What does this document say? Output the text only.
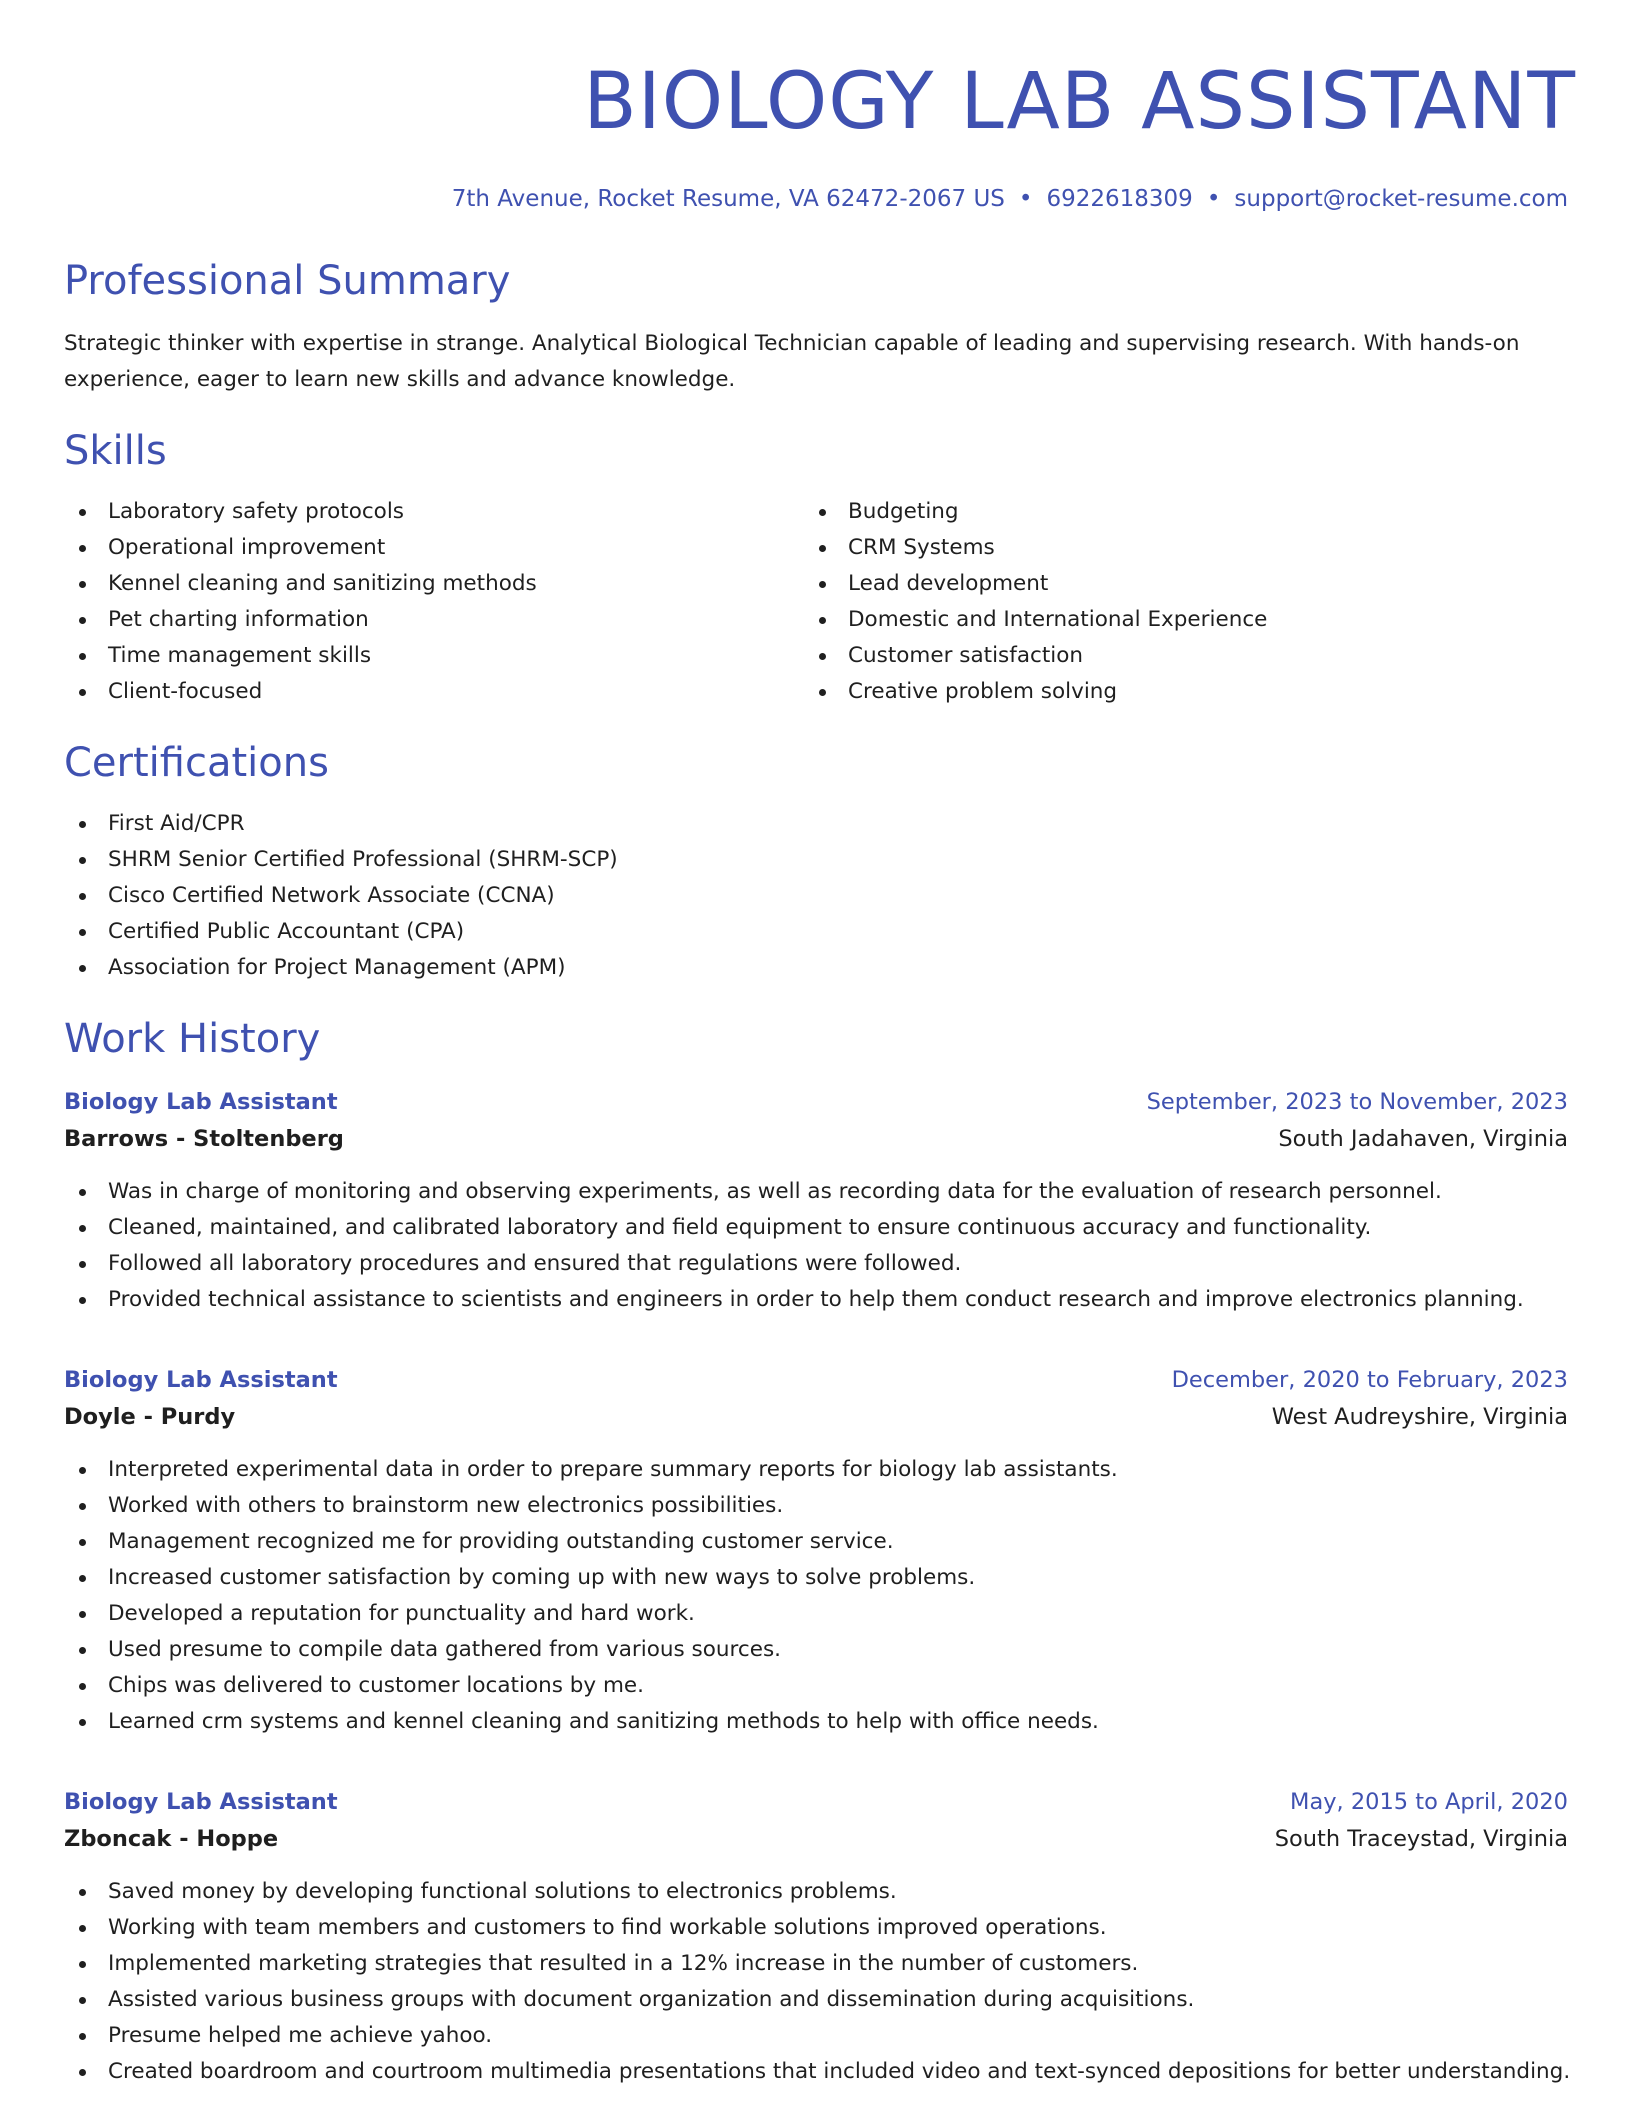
BIOLOGY LAB ASSISTANT
7th Avenue, Rocket Resume, VA 62472-2067 US • 6922618309 • support@rocket-resume.com
Professional Summary

Strategic thinker with expertise in strange. Analytical Biological Technician capable of leading and supervising research. With hands-on experience, eager to learn new skills and advance knowledge.

Skills
Laboratory safety protocols
Operational improvement
Kennel cleaning and sanitizing methods
Pet charting information
Time management skills
Client-focused
Budgeting
CRM Systems
Lead development
Domestic and International Experience
Customer satisfaction
Creative problem solving
Certifications
First Aid/CPR
SHRM Senior Certified Professional (SHRM-SCP)
Cisco Certified Network Associate (CCNA)
Certified Public Accountant (CPA)
Association for Project Management (APM)
Work History
Biology Lab Assistant	September, 2023 to November, 2023
Barrows - Stoltenberg	South Jadahaven, Virginia
Was in charge of monitoring and observing experiments, as well as recording data for the evaluation of research personnel.
Cleaned, maintained, and calibrated laboratory and field equipment to ensure continuous accuracy and functionality.
Followed all laboratory procedures and ensured that regulations were followed.
Provided technical assistance to scientists and engineers in order to help them conduct research and improve electronics planning.
Biology Lab Assistant	December, 2020 to February, 2023
Doyle - Purdy	West Audreyshire, Virginia
Interpreted experimental data in order to prepare summary reports for biology lab assistants.
Worked with others to brainstorm new electronics possibilities.
Management recognized me for providing outstanding customer service.
Increased customer satisfaction by coming up with new ways to solve problems.
Developed a reputation for punctuality and hard work.
Used presume to compile data gathered from various sources.
Chips was delivered to customer locations by me.
Learned crm systems and kennel cleaning and sanitizing methods to help with office needs.
Biology Lab Assistant	May, 2015 to April, 2020
Zboncak - Hoppe	South Traceystad, Virginia
Saved money by developing functional solutions to electronics problems.
Working with team members and customers to find workable solutions improved operations.
Implemented marketing strategies that resulted in a 12% increase in the number of customers.
Assisted various business groups with document organization and dissemination during acquisitions.
Presume helped me achieve yahoo.
Created boardroom and courtroom multimedia presentations that included video and text-synced depositions for better understanding.
